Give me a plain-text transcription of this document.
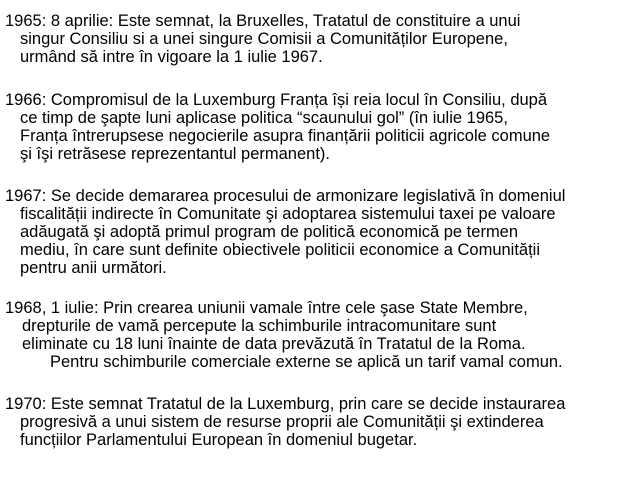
1965: 8 aprilie: Este semnat, la Bruxelles, Tratatul de constituire a unui
singur Consiliu si a unei singure Comisii a Comunităților Europene,
urmând să intre în vigoare la 1 iulie 1967.
1966: Compromisul de la Luxemburg Franța își reia locul în Consiliu, după
ce timp de şapte luni aplicase politica “scaunului gol” (în iulie 1965,
Franța întrerupsese negocierile asupra finanțării politicii agricole comune
şi îşi retrăsese reprezentantul permanent).
1967: Se decide demararea procesului de armonizare legislativă în domeniul
fiscalității indirecte în Comunitate şi adoptarea sistemului taxei pe valoare
adăugată şi adoptă primul program de politică economică pe termen
mediu, în care sunt definite obiectivele politicii economice a Comunității
pentru anii următori.
1968, 1 iulie: Prin crearea uniunii vamale între cele şase State Membre,
drepturile de vamă percepute la schimburile intracomunitare sunt
eliminate cu 18 luni înainte de data prevăzută în Tratatul de la Roma.
Pentru schimburile comerciale externe se aplică un tarif vamal comun.
1970: Este semnat Tratatul de la Luxemburg, prin care se decide instaurarea
progresivă a unui sistem de resurse proprii ale Comunității şi extinderea
funcțiilor Parlamentului European în domeniul bugetar.
